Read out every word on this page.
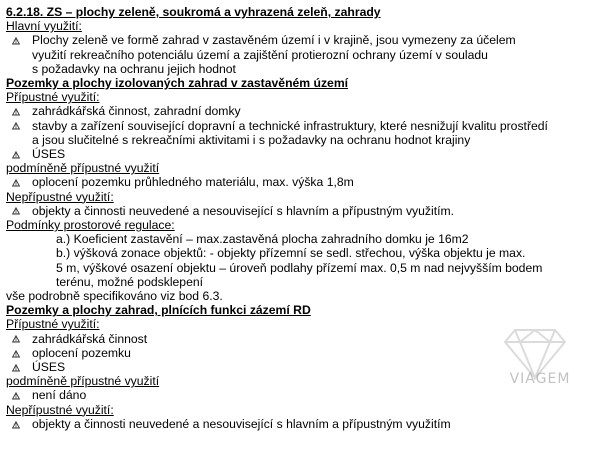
6.2.18. ZS – plochy zeleně, soukromá a vyhrazená zeleň, zahrady
Hlavní využití:
Plochy zeleně ve formě zahrad v zastavěném území i v krajině, jsou vymezeny za účelem
využití rekreačního potenciálu území a zajištění protierozní ochrany území v souladu
s požadavky na ochranu jejich hodnot
Pozemky a plochy izolovaných zahrad v zastavěném území
Přípustné využití:
zahrádkářská činnost, zahradní domky
stavby a zařízení související dopravní a technické infrastruktury, které nesnižují kvalitu prostředí
a jsou slučitelné s rekreačními aktivitami i s požadavky na ochranu hodnot krajiny
ÚSES
podmíněně přípustné využití
oplocení pozemku průhledného materiálu, max. výška 1,8m
Nepřípustné využití:
objekty a činnosti neuvedené a nesouvisející s hlavním a přípustným využitím.
Podmínky prostorové regulace:
a.) Koeficient zastavění – max.zastavěná plocha zahradního domku je 16m2
b.) výšková zonace objektů: - objekty přízemní se sedl. střechou, výška objektu je max.
5 m, výškové osazení objektu – úroveň podlahy přízemí max. 0,5 m nad nejvyšším bodem
terénu, možné podsklepení
vše podrobně specifikováno viz bod 6.3.
Pozemky a plochy zahrad, plnících funkci zázemí RD
Přípustné využití:
zahrádkářská činnost
oplocení pozemku
ÚSES
podmíněně přípustné využití
není dáno
Nepřípustné využití:
objekty a činnosti neuvedené a nesouvisející s hlavním a přípustným využitím
VIAGEM
